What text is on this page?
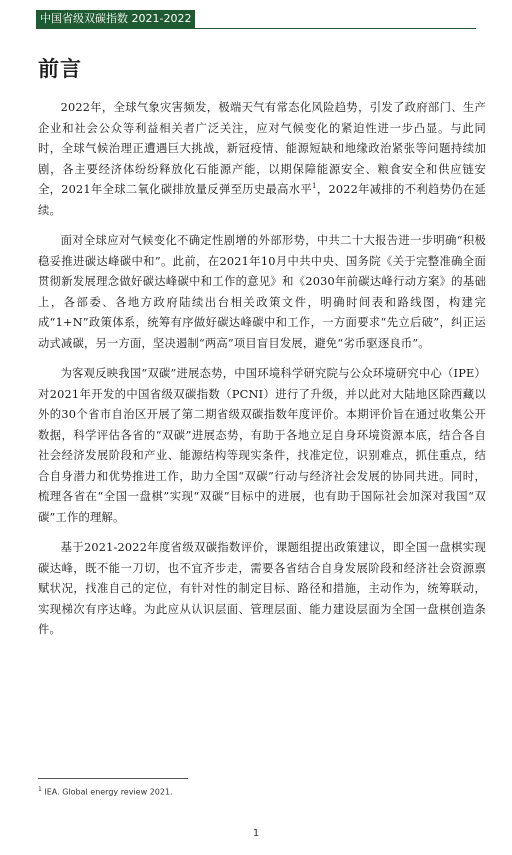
中国省级双碳指数 2021-2022
前言

2022年，全球气象灾害频发，极端天气有常态化风险趋势，引发了政府部门、生产企业和社会公众等利益相关者广泛关注，应对气候变化的紧迫性进一步凸显。与此同时，全球气候治理正遭遇巨大挑战，新冠疫情、能源短缺和地缘政治紧张等问题持续加剧，各主要经济体纷纷释放化石能源产能，以期保障能源安全、粮食安全和供应链安全，2021年全球二氧化碳排放量反弹至历史最高水平$^1$，2022年减排的不利趋势仍在延续。

面对全球应对气候变化不确定性剧增的外部形势，中共二十大报告进一步明确“积极稳妥推进碳达峰碳中和”。此前，在2021年10月中共中央、国务院《关于完整准确全面贯彻新发展理念做好碳达峰碳中和工作的意见》和《2030年前碳达峰行动方案》的基础上，各部委、各地方政府陆续出台相关政策文件，明确时间表和路线图，构建完成“1+N”政策体系，统筹有序做好碳达峰碳中和工作，一方面要求“先立后破”，纠正运动式减碳，另一方面，坚决遏制“两高”项目盲目发展，避免“劣币驱逐良币”。

为客观反映我国“双碳”进展态势，中国环境科学研究院与公众环境研究中心（IPE）对2021年开发的中国省级双碳指数（PCNI）进行了升级，并以此对大陆地区除西藏以外的30个省市自治区开展了第二期省级双碳指数年度评价。本期评价旨在通过收集公开数据，科学评估各省的“双碳”进展态势，有助于各地立足自身环境资源本底，结合各自社会经济发展阶段和产业、能源结构等现实条件，找准定位，识别难点，抓住重点，结合自身潜力和优势推进工作，助力全国“双碳”行动与经济社会发展的协同共进。同时，梳理各省在“全国一盘棋”实现“双碳”目标中的进展，也有助于国际社会加深对我国“双碳”工作的理解。

基于2021-2022年度省级双碳指数评价，课题组提出政策建议，即全国一盘棋实现碳达峰，既不能一刀切，也不宜齐步走，需要各省结合自身发展阶段和经济社会资源禀赋状况，找准自己的定位，有针对性的制定目标、路径和措施，主动作为，统筹联动，实现梯次有序达峰。为此应从认识层面、管理层面、能力建设层面为全国一盘棋创造条件。

$^1$ IEA. Global energy review 2021.
1
